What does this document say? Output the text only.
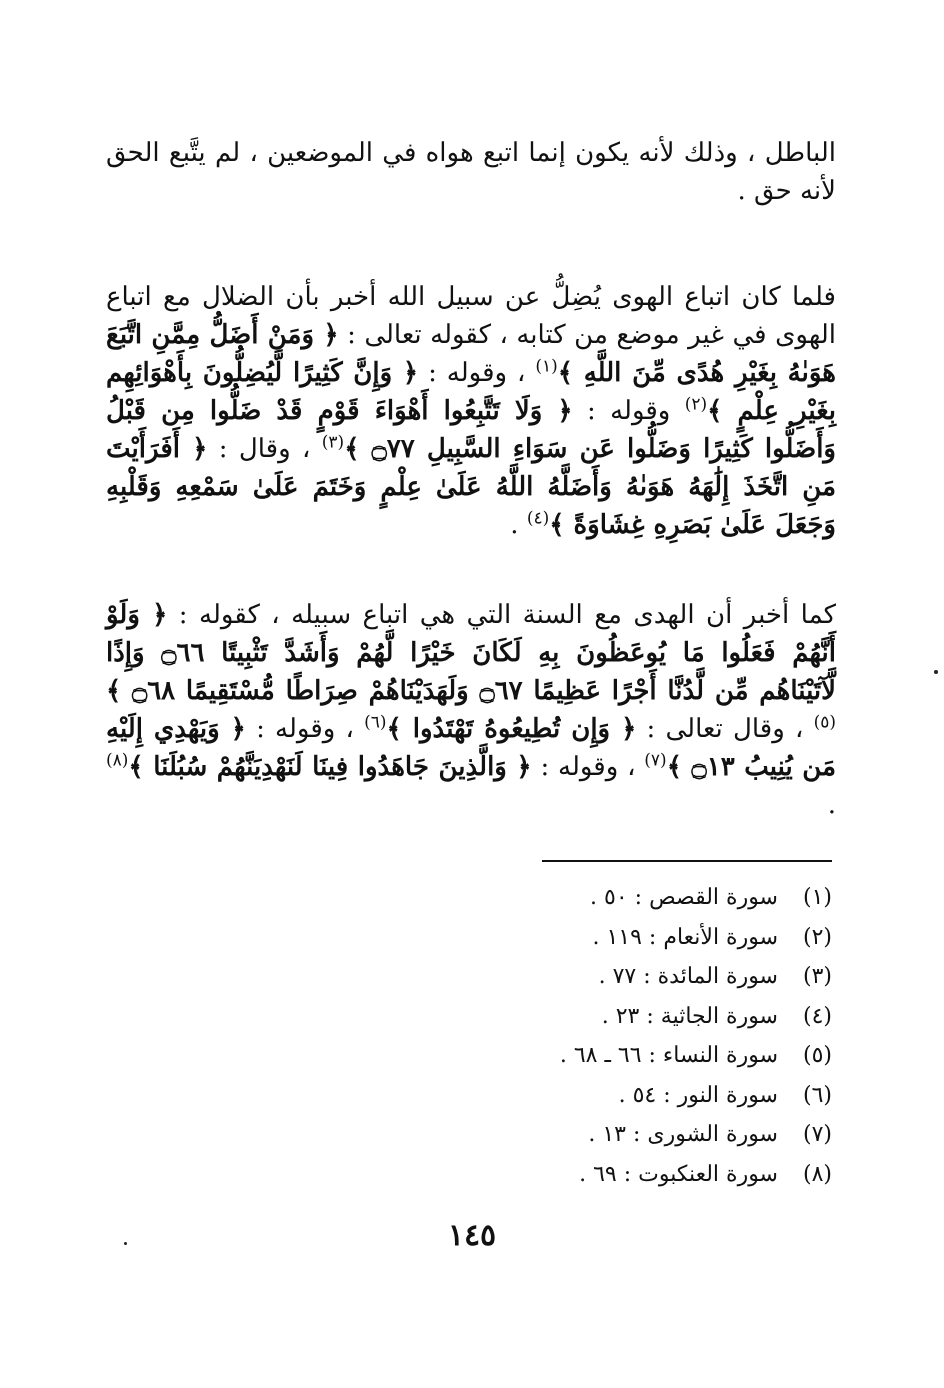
الباطل ، وذلك لأنه يكون إنما اتبع هواه في الموضعين ، لم يتَّبع الحق لأنه حق .

فلما كان اتباع الهوى يُضِلُّ عن سبيل الله أخبر بأن الضلال مع اتباع الهوى في غير موضع من كتابه ، كقوله تعالى : ﴿ وَمَنْ أَضَلُّ مِمَّنِ اتَّبَعَ هَوَىٰهُ بِغَيْرِ هُدًى مِّنَ اللَّهِ ﴾$^{(١)}$ ، وقوله : ﴿ وَإِنَّ كَثِيرًا لَّيُضِلُّونَ بِأَهْوَائِهِم بِغَيْرِ عِلْمٍ ﴾$^{(٢)}$ وقوله : ﴿ وَلَا تَتَّبِعُوا أَهْوَاءَ قَوْمٍ قَدْ ضَلُّوا مِن قَبْلُ وَأَضَلُّوا كَثِيرًا وَضَلُّوا عَن سَوَاءِ السَّبِيلِ ۝٧٧ ﴾$^{(٣)}$ ، وقال : ﴿ أَفَرَأَيْتَ مَنِ اتَّخَذَ إِلَٰهَهُ هَوَىٰهُ وَأَضَلَّهُ اللَّهُ عَلَىٰ عِلْمٍ وَخَتَمَ عَلَىٰ سَمْعِهِ وَقَلْبِهِ وَجَعَلَ عَلَىٰ بَصَرِهِ غِشَاوَةً ﴾$^{(٤)}$ .

كما أخبر أن الهدى مع السنة التي هي اتباع سبيله ، كقوله : ﴿ وَلَوْ أَنَّهُمْ فَعَلُوا مَا يُوعَظُونَ بِهِ لَكَانَ خَيْرًا لَّهُمْ وَأَشَدَّ تَثْبِيتًا ۝٦٦ وَإِذًا لَّآتَيْنَاهُم مِّن لَّدُنَّا أَجْرًا عَظِيمًا ۝٦٧ وَلَهَدَيْنَاهُمْ صِرَاطًا مُّسْتَقِيمًا ۝٦٨ ﴾$^{(٥)}$ ، وقال تعالى : ﴿ وَإِن تُطِيعُوهُ تَهْتَدُوا ﴾$^{(٦)}$ ، وقوله : ﴿ وَيَهْدِي إِلَيْهِ مَن يُنِيبُ ۝١٣ ﴾$^{(٧)}$ ، وقوله : ﴿ وَالَّذِينَ جَاهَدُوا فِينَا لَنَهْدِيَنَّهُمْ سُبُلَنَا ﴾$^{(٨)}$ .

(١)
سورة القصص : ٥٠ .
(٢)
سورة الأنعام : ١١٩ .
(٣)
سورة المائدة : ٧٧ .
(٤)
سورة الجاثية : ٢٣ .
(٥)
سورة النساء : ٦٦ ـ ٦٨ .
(٦)
سورة النور : ٥٤ .
(٧)
سورة الشورى : ١٣ .
(٨)
سورة العنكبوت : ٦٩ .
١٤٥
